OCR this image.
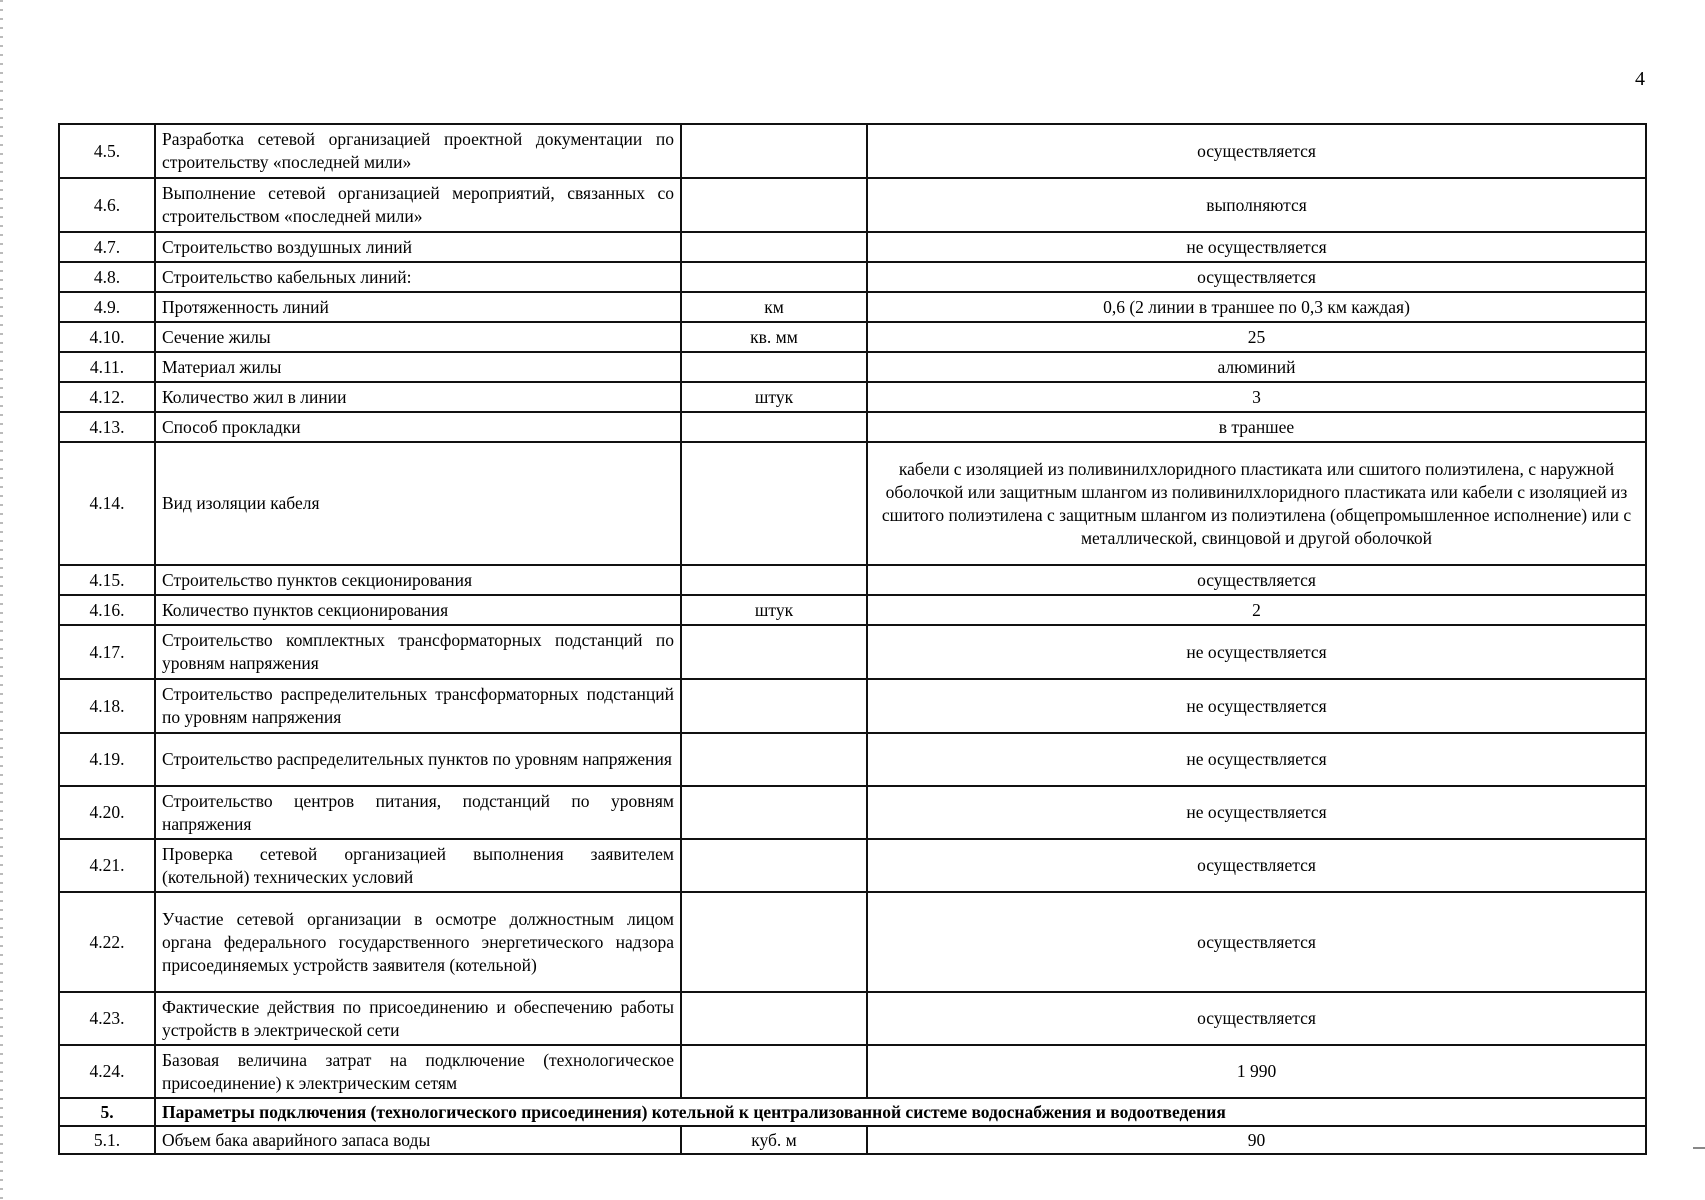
4
4.5.	Разработка сетевой организацией проектной документации по строительству «последней мили»		осуществляется
4.6.	Выполнение сетевой организацией мероприятий, связанных со строительством «последней мили»		выполняются
4.7.	Строительство воздушных линий		не осуществляется
4.8.	Строительство кабельных линий:		осуществляется
4.9.	Протяженность линий	км	0,6 (2 линии в траншее по 0,3 км каждая)
4.10.	Сечение жилы	кв. мм	25
4.11.	Материал жилы		алюминий
4.12.	Количество жил в линии	штук	3
4.13.	Способ прокладки		в траншее
4.14.	Вид изоляции кабеля		кабели с изоляцией из поливинилхлоридного пластиката или сшитого полиэтилена, с наружной оболочкой или защитным шлангом из поливинилхлоридного пластиката или кабели с изоляцией из сшитого полиэтилена с защитным шлангом из полиэтилена (общепромышленное исполнение) или с металлической, свинцовой и другой оболочкой
4.15.	Строительство пунктов секционирования		осуществляется
4.16.	Количество пунктов секционирования	штук	2
4.17.	Строительство комплектных трансформаторных подстанций по уровням напряжения		не осуществляется
4.18.	Строительство распределительных трансформаторных подстанций по уровням напряжения		не осуществляется
4.19.	Строительство распределительных пунктов по уровням напряжения		не осуществляется
4.20.	Строительство центров питания, подстанций по уровням напряжения		не осуществляется
4.21.	Проверка сетевой организацией выполнения заявителем (котельной) технических условий		осуществляется
4.22.	Участие сетевой организации в осмотре должностным лицом органа федерального государственного энергетического надзора присоединяемых устройств заявителя (котельной)		осуществляется
4.23.	Фактические действия по присоединению и обеспечению работы устройств в электрической сети		осуществляется
4.24.	Базовая величина затрат на подключение (технологическое присоединение) к электрическим сетям		1 990
5.	Параметры подключения (технологического присоединения) котельной к централизованной системе водоснабжения и водоотведения		
5.1.	Объем бака аварийного запаса воды	куб. м	90
